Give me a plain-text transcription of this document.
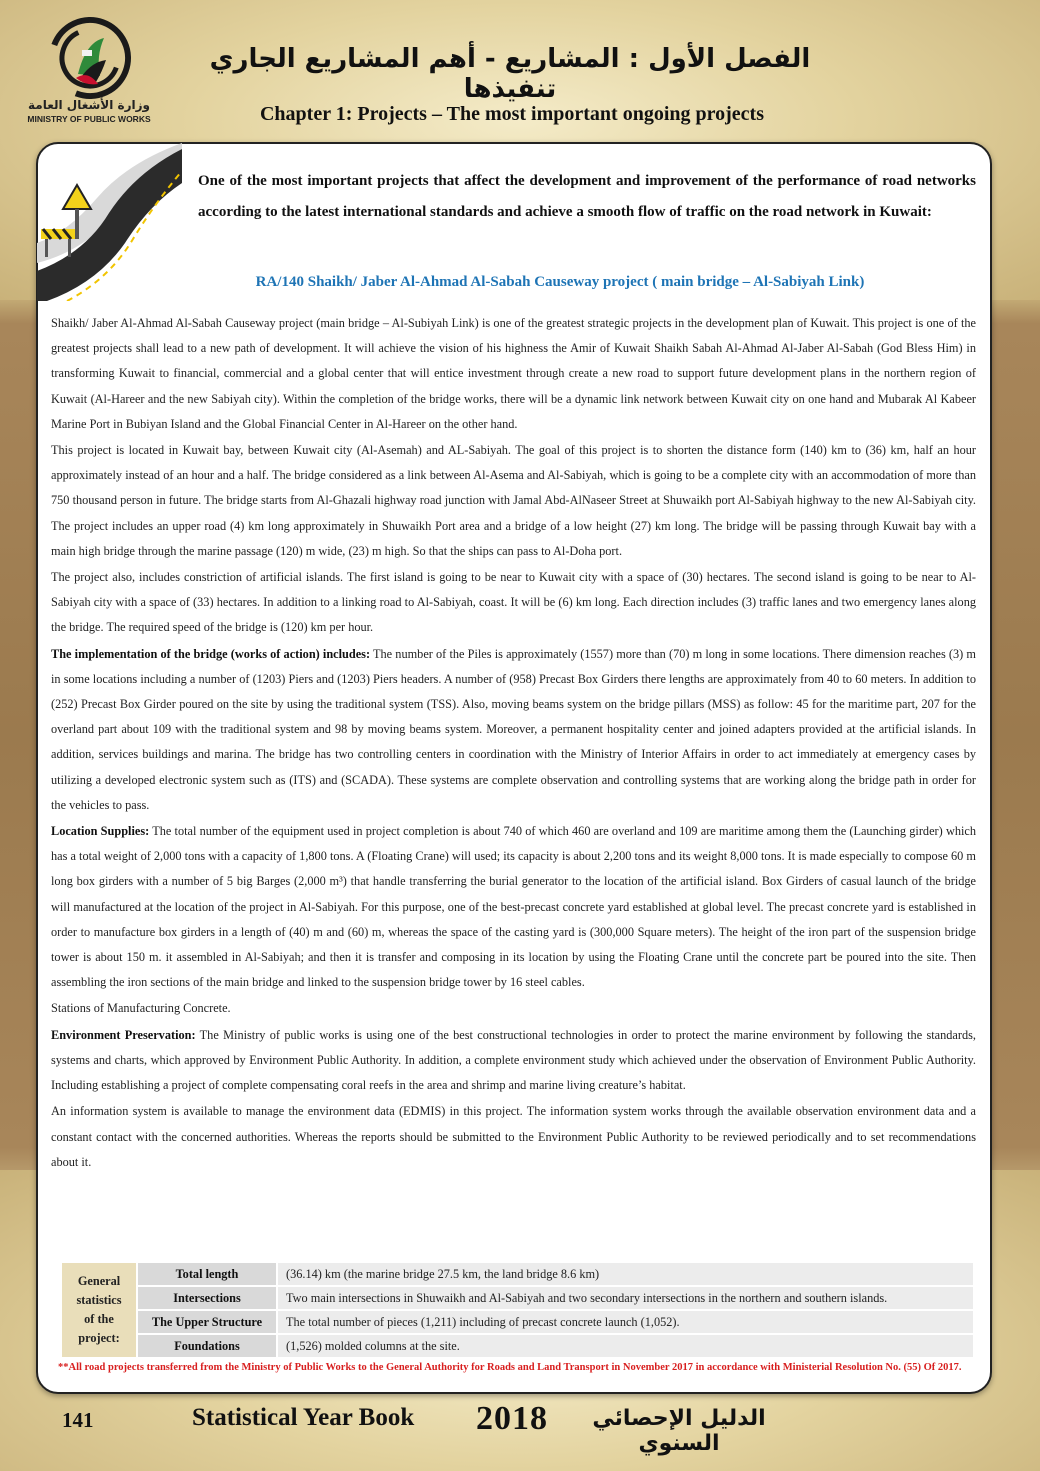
وزارة الأشغال العامة
MINISTRY OF PUBLIC WORKS
الفصل الأول : المشاريع - أهم المشاريع الجاري تنفيذها
Chapter 1: Projects – The most important ongoing projects
One of the most important projects that affect the development and improvement of the performance of road networks according to the latest international standards and achieve a smooth flow of traffic on the road network in Kuwait:
RA/140 Shaikh/ Jaber Al-Ahmad Al-Sabah Causeway project ( main bridge – Al-Sabiyah Link)

Shaikh/ Jaber Al-Ahmad Al-Sabah Causeway project (main bridge – Al-Subiyah Link) is one of the greatest strategic projects in the development plan of Kuwait. This project is one of the greatest projects shall lead to a new path of development. It will achieve the vision of his highness the Amir of Kuwait Shaikh Sabah Al-Ahmad Al-Jaber Al-Sabah (God Bless Him) in transforming Kuwait to financial, commercial and a global center that will entice investment through create a new road to support future development plans in the northern region of Kuwait (Al-Hareer and the new Sabiyah city). Within the completion of the bridge works, there will be a dynamic link network between Kuwait city on one hand and Mubarak Al Kabeer Marine Port in Bubiyan Island and the Global Financial Center in Al-Hareer on the other hand.

This project is located in Kuwait bay, between Kuwait city (Al-Asemah) and AL-Sabiyah. The goal of this project is to shorten the distance form (140) km to (36) km, half an hour approximately instead of an hour and a half. The bridge considered as a link between Al-Asema and Al-Sabiyah, which is going to be a complete city with an accommodation of more than 750 thousand person in future. The bridge starts from Al-Ghazali highway road junction with Jamal Abd-AlNaseer Street at Shuwaikh port Al-Sabiyah highway to the new Al-Sabiyah city. The project includes an upper road (4) km long approximately in Shuwaikh Port area and a bridge of a low height (27) km long. The bridge will be passing through Kuwait bay with a main high bridge through the marine passage (120) m wide, (23) m high. So that the ships can pass to Al-Doha port.

The project also, includes constriction of artificial islands. The first island is going to be near to Kuwait city with a space of (30) hectares. The second island is going to be near to Al-Sabiyah city with a space of (33) hectares. In addition to a linking road to Al-Sabiyah, coast. It will be (6) km long. Each direction includes (3) traffic lanes and two emergency lanes along the bridge. The required speed of the bridge is (120) km per hour.

The implementation of the bridge (works of action) includes: The number of the Piles is approximately (1557) more than (70) m long in some locations. There dimension reaches (3) m in some locations including a number of (1203) Piers and (1203) Piers headers. A number of (958) Precast Box Girders there lengths are approximately from 40 to 60 meters. In addition to (252) Precast Box Girder poured on the site by using the traditional system (TSS). Also, moving beams system on the bridge pillars (MSS) as follow: 45 for the maritime part, 207 for the overland part about 109 with the traditional system and 98 by moving beams system. Moreover, a permanent hospitality center and joined adapters provided at the artificial islands. In addition, services buildings and marina. The bridge has two controlling centers in coordination with the Ministry of Interior Affairs in order to act immediately at emergency cases by utilizing a developed electronic system such as (ITS) and (SCADA). These systems are complete observation and controlling systems that are working along the bridge path in order for the vehicles to pass.

Location Supplies: The total number of the equipment used in project completion is about 740 of which 460 are overland and 109 are maritime among them the (Launching girder) which has a total weight of 2,000 tons with a capacity of 1,800 tons. A (Floating Crane) will used; its capacity is about 2,200 tons and its weight 8,000 tons. It is made especially to compose 60 m long box girders with a number of 5 big Barges (2,000 m³) that handle transferring the burial generator to the location of the artificial island. Box Girders of casual launch of the bridge will manufactured at the location of the project in Al-Sabiyah. For this purpose, one of the best-precast concrete yard established at global level. The precast concrete yard is established in order to manufacture box girders in a length of (40) m and (60) m, whereas the space of the casting yard is (300,000 Square meters). The height of the iron part of the suspension bridge tower is about 150 m. it assembled in Al-Sabiyah; and then it is transfer and composing in its location by using the Floating Crane until the concrete part be poured into the site. Then assembling the iron sections of the main bridge and linked to the suspension bridge tower by 16 steel cables.

Stations of Manufacturing Concrete.

Environment Preservation: The Ministry of public works is using one of the best constructional technologies in order to protect the marine environment by following the standards, systems and charts, which approved by Environment Public Authority. In addition, a complete environment study which achieved under the observation of Environment Public Authority. Including establishing a project of complete compensating coral reefs in the area and shrimp and marine living creature’s habitat.

An information system is available to manage the environment data (EDMIS) in this project. The information system works through the available observation environment data and a constant contact with the concerned authorities. Whereas the reports should be submitted to the Environment Public Authority to be reviewed periodically and to set recommendations about it.

General statistics of the project:	Total length	(36.14) km (the marine bridge 27.5 km, the land bridge 8.6 km)
	Intersections	Two main intersections in Shuwaikh and Al-Sabiyah and two secondary intersections in the northern and southern islands.
	The Upper Structure	The total number of pieces (1,211) including of precast concrete launch (1,052).
	Foundations	(1,526) molded columns at the site.
**All road projects transferred from the Ministry of Public Works to the General Authority for Roads and Land Transport in November 2017 in accordance with Ministerial Resolution No. (55) Of 2017.
141	Statistical Year Book 2018	الدليل الإحصائي السنوي
